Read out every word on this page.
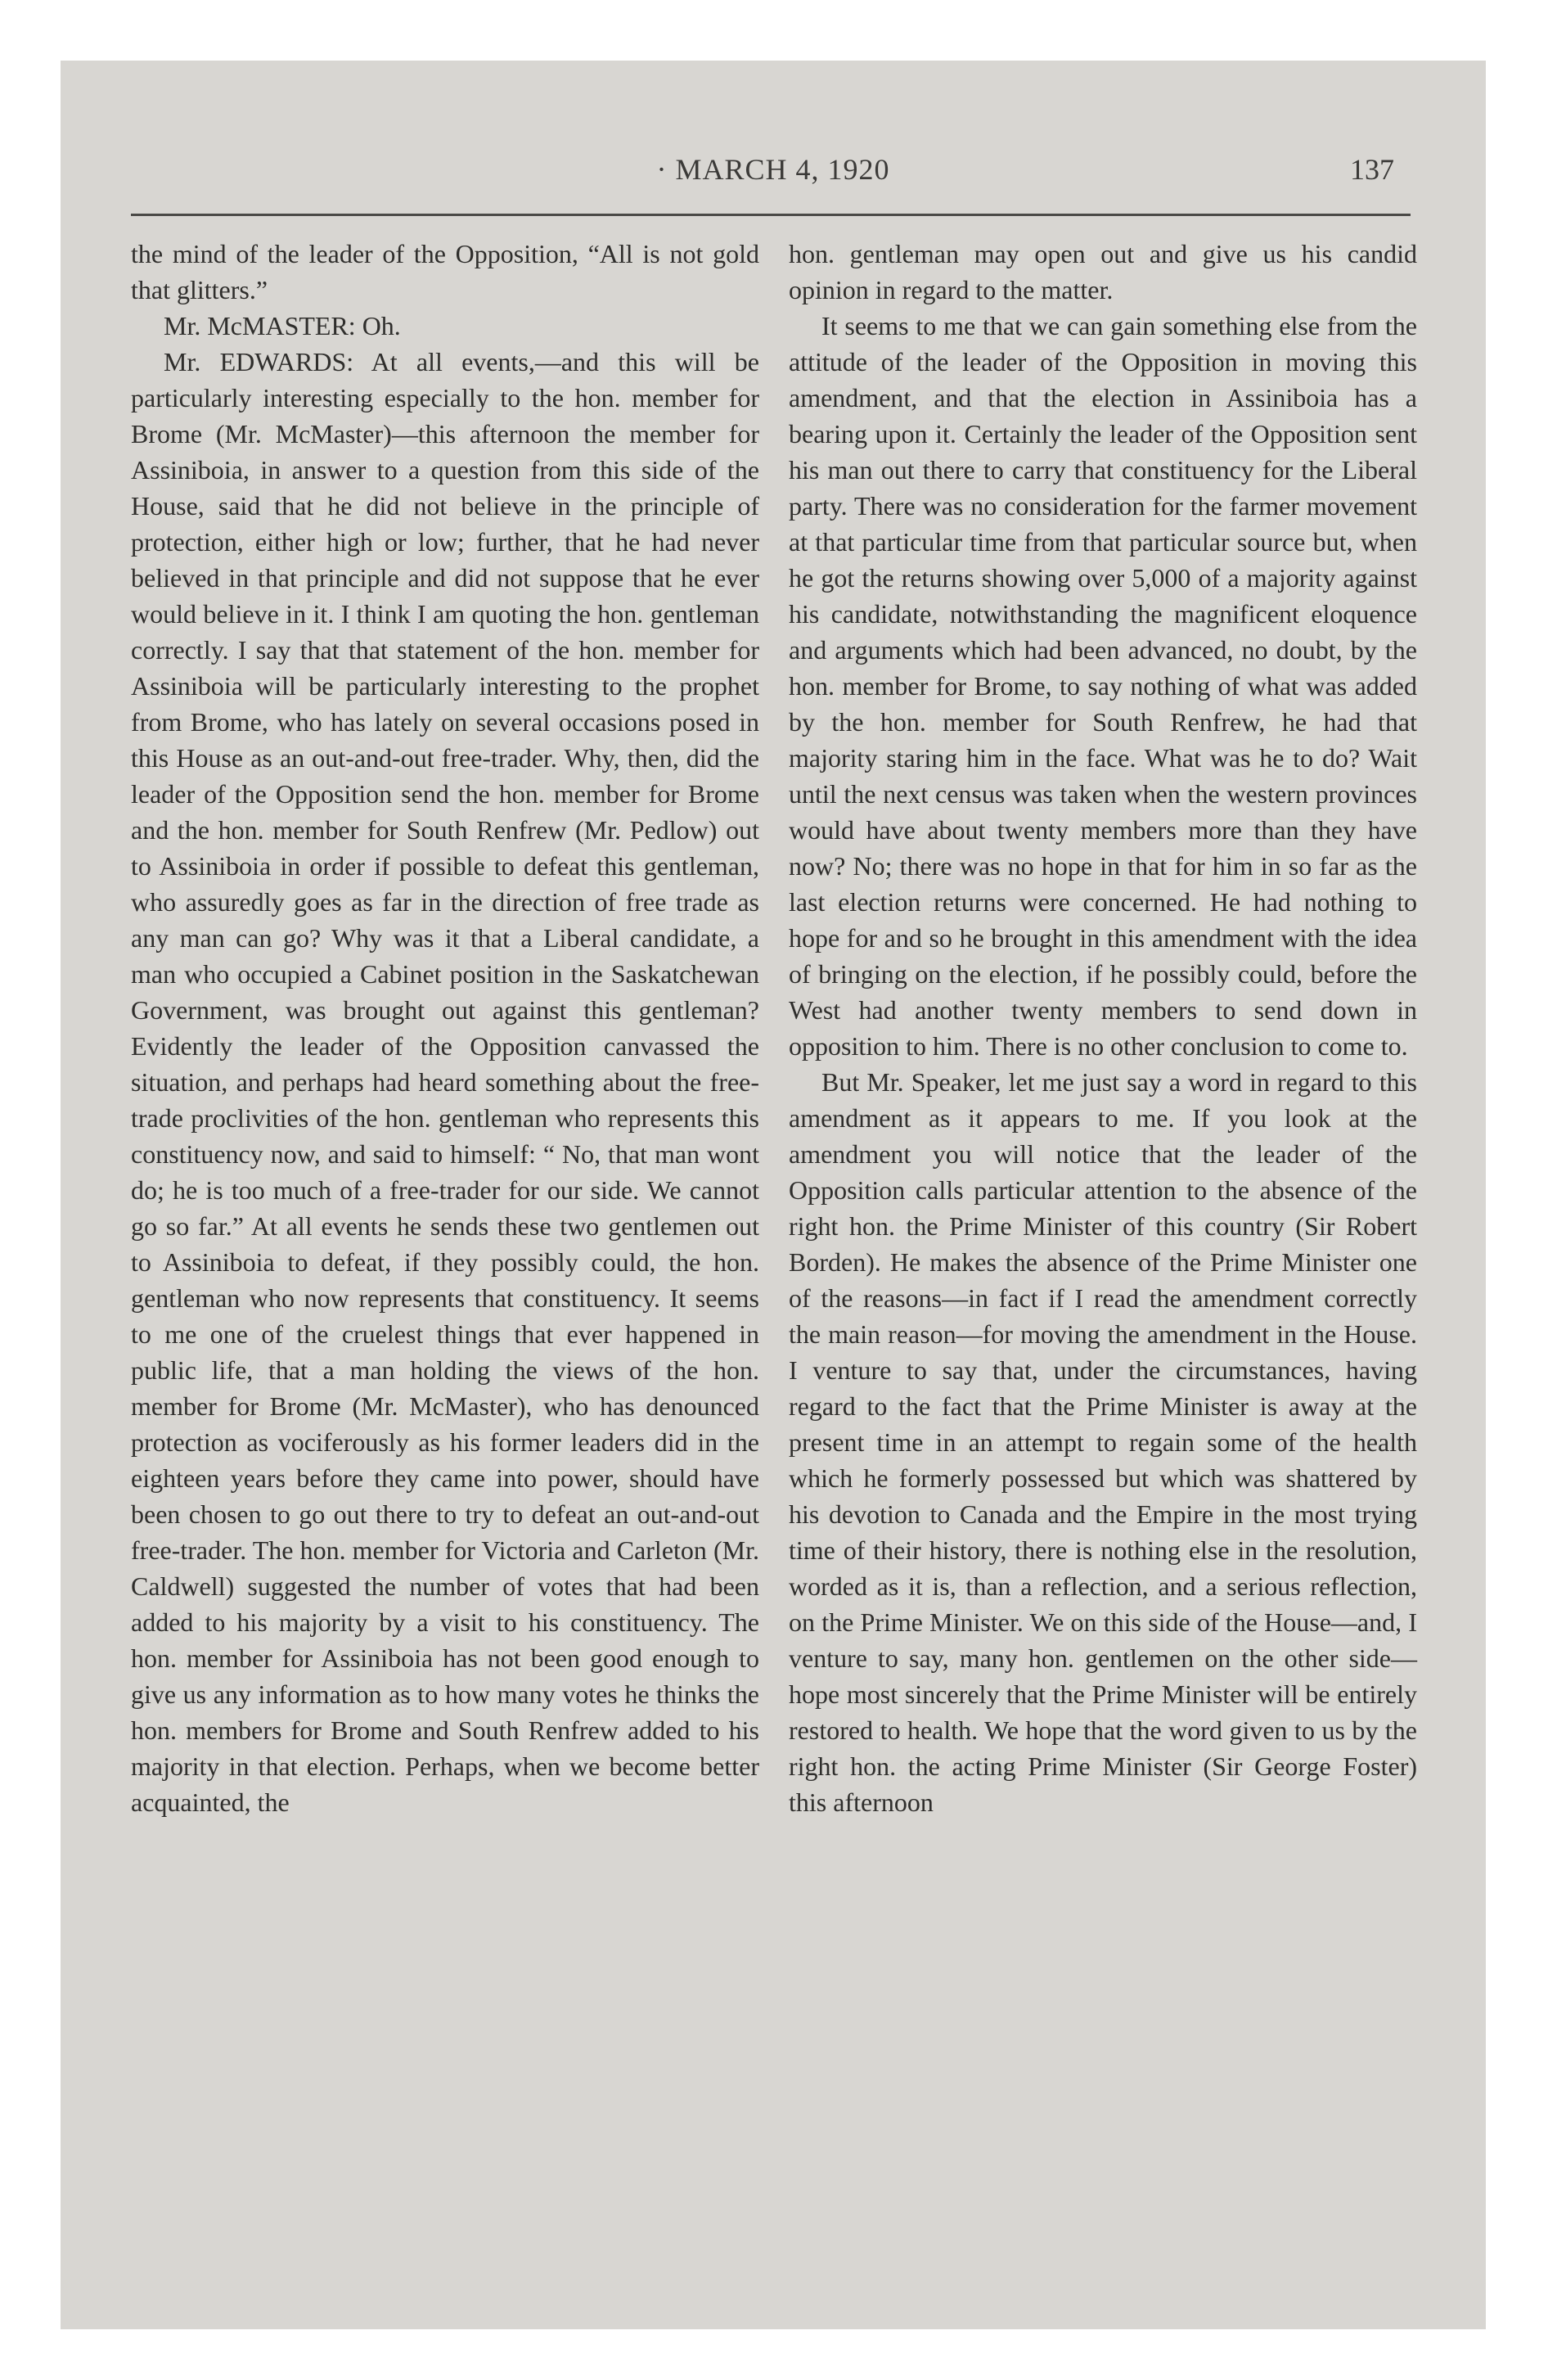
· MARCH 4, 1920	137

the mind of the leader of the Opposition, “All is not gold that glitters.”

Mr. McMASTER: Oh.

Mr. EDWARDS: At all events,—and this will be particularly interesting especially to the hon. member for Brome (Mr. McMaster)—this afternoon the member for Assiniboia, in answer to a question from this side of the House, said that he did not believe in the principle of protection, either high or low; further, that he had never believed in that principle and did not suppose that he ever would believe in it. I think I am quoting the hon. gentleman correctly. I say that that statement of the hon. member for Assiniboia will be particularly interesting to the prophet from Brome, who has lately on several occasions posed in this House as an out-and-out free-trader. Why, then, did the leader of the Opposition send the hon. member for Brome and the hon. member for South Renfrew (Mr. Pedlow) out to Assiniboia in order if possible to defeat this gentleman, who assuredly goes as far in the direction of free trade as any man can go? Why was it that a Liberal candidate, a man who occupied a Cabinet position in the Saskatchewan Government, was brought out against this gentleman? Evidently the leader of the Opposition canvassed the situation, and perhaps had heard something about the free-trade proclivities of the hon. gentleman who represents this constituency now, and said to himself: “ No, that man wont do; he is too much of a free-trader for our side. We cannot go so far.” At all events he sends these two gentlemen out to Assiniboia to defeat, if they possibly could, the hon. gentleman who now represents that constituency. It seems to me one of the cruelest things that ever happened in public life, that a man holding the views of the hon. member for Brome (Mr. McMaster), who has denounced protection as vociferously as his former leaders did in the eighteen years before they came into power, should have been chosen to go out there to try to defeat an out-and-out free-trader. The hon. member for Victoria and Carleton (Mr. Caldwell) suggested the number of votes that had been added to his majority by a visit to his constituency. The hon. member for Assiniboia has not been good enough to give us any information as to how many votes he thinks the hon. members for Brome and South Renfrew added to his majority in that election. Perhaps, when we become better acquainted, the

hon. gentleman may open out and give us his candid opinion in regard to the matter.

It seems to me that we can gain something else from the attitude of the leader of the Opposition in moving this amendment, and that the election in Assiniboia has a bearing upon it. Certainly the leader of the Opposition sent his man out there to carry that constituency for the Liberal party. There was no consideration for the farmer movement at that particular time from that particular source but, when he got the returns showing over 5,000 of a majority against his candidate, notwithstanding the magnificent eloquence and arguments which had been advanced, no doubt, by the hon. member for Brome, to say nothing of what was added by the hon. member for South Renfrew, he had that majority staring him in the face. What was he to do? Wait until the next census was taken when the western provinces would have about twenty members more than they have now? No; there was no hope in that for him in so far as the last election returns were concerned. He had nothing to hope for and so he brought in this amendment with the idea of bringing on the election, if he possibly could, before the West had another twenty members to send down in opposition to him. There is no other conclusion to come to.

But Mr. Speaker, let me just say a word in regard to this amendment as it appears to me. If you look at the amendment you will notice that the leader of the Opposition calls particular attention to the absence of the right hon. the Prime Minister of this country (Sir Robert Borden). He makes the absence of the Prime Minister one of the reasons—in fact if I read the amendment correctly the main reason—for moving the amendment in the House. I venture to say that, under the circumstances, having regard to the fact that the Prime Minister is away at the present time in an attempt to regain some of the health which he formerly possessed but which was shattered by his devotion to Canada and the Empire in the most trying time of their history, there is nothing else in the resolution, worded as it is, than a reflection, and a serious reflection, on the Prime Minister. We on this side of the House—and, I venture to say, many hon. gentlemen on the other side—hope most sincerely that the Prime Minister will be entirely restored to health. We hope that the word given to us by the right hon. the acting Prime Minister (Sir George Foster) this afternoon
